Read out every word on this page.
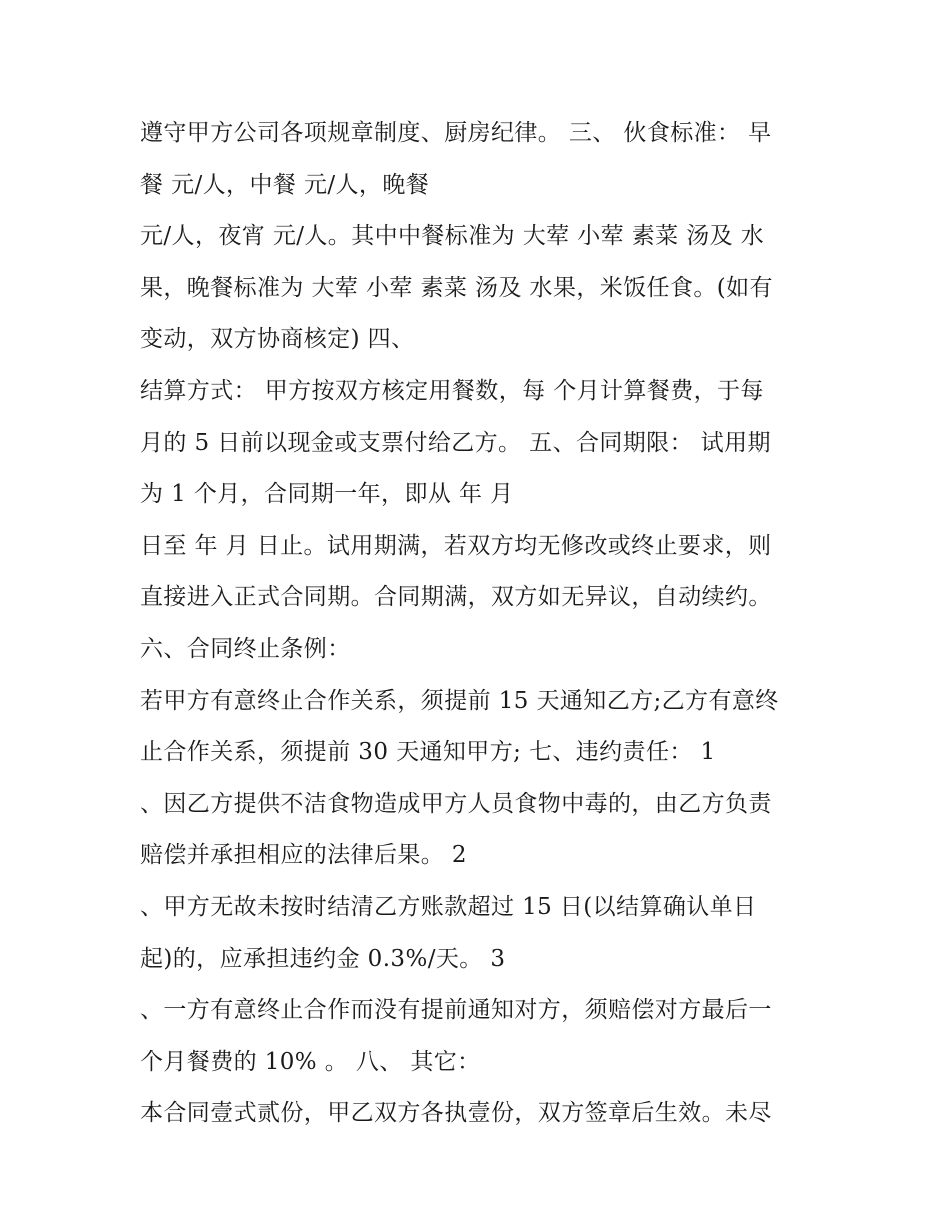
遵守甲方公司各项规章制度、厨房纪律。 三、 伙食标准： 早
餐 元/人，中餐 元/人，晚餐
元/人，夜宵 元/人。其中中餐标准为 大荤 小荤 素菜 汤及 水
果，晚餐标准为 大荤 小荤 素菜 汤及 水果，米饭任食。(如有
变动，双方协商核定) 四、
结算方式： 甲方按双方核定用餐数，每 个月计算餐费，于每
月的 5 日前以现金或支票付给乙方。 五、合同期限： 试用期
为 1 个月，合同期一年，即从 年 月
日至 年 月 日止。试用期满，若双方均无修改或终止要求，则
直接进入正式合同期。合同期满，双方如无异议，自动续约。
六、合同终止条例：
若甲方有意终止合作关系，须提前 15 天通知乙方;乙方有意终
止合作关系，须提前 30 天通知甲方; 七、违约责任： 1
、因乙方提供不洁食物造成甲方人员食物中毒的，由乙方负责
赔偿并承担相应的法律后果。 2
、甲方无故未按时结清乙方账款超过 15 日(以结算确认单日
起)的，应承担违约金 0.3%/天。 3
、一方有意终止合作而没有提前通知对方，须赔偿对方最后一
个月餐费的 10% 。 八、 其它：
本合同壹式贰份，甲乙双方各执壹份，双方签章后生效。未尽
